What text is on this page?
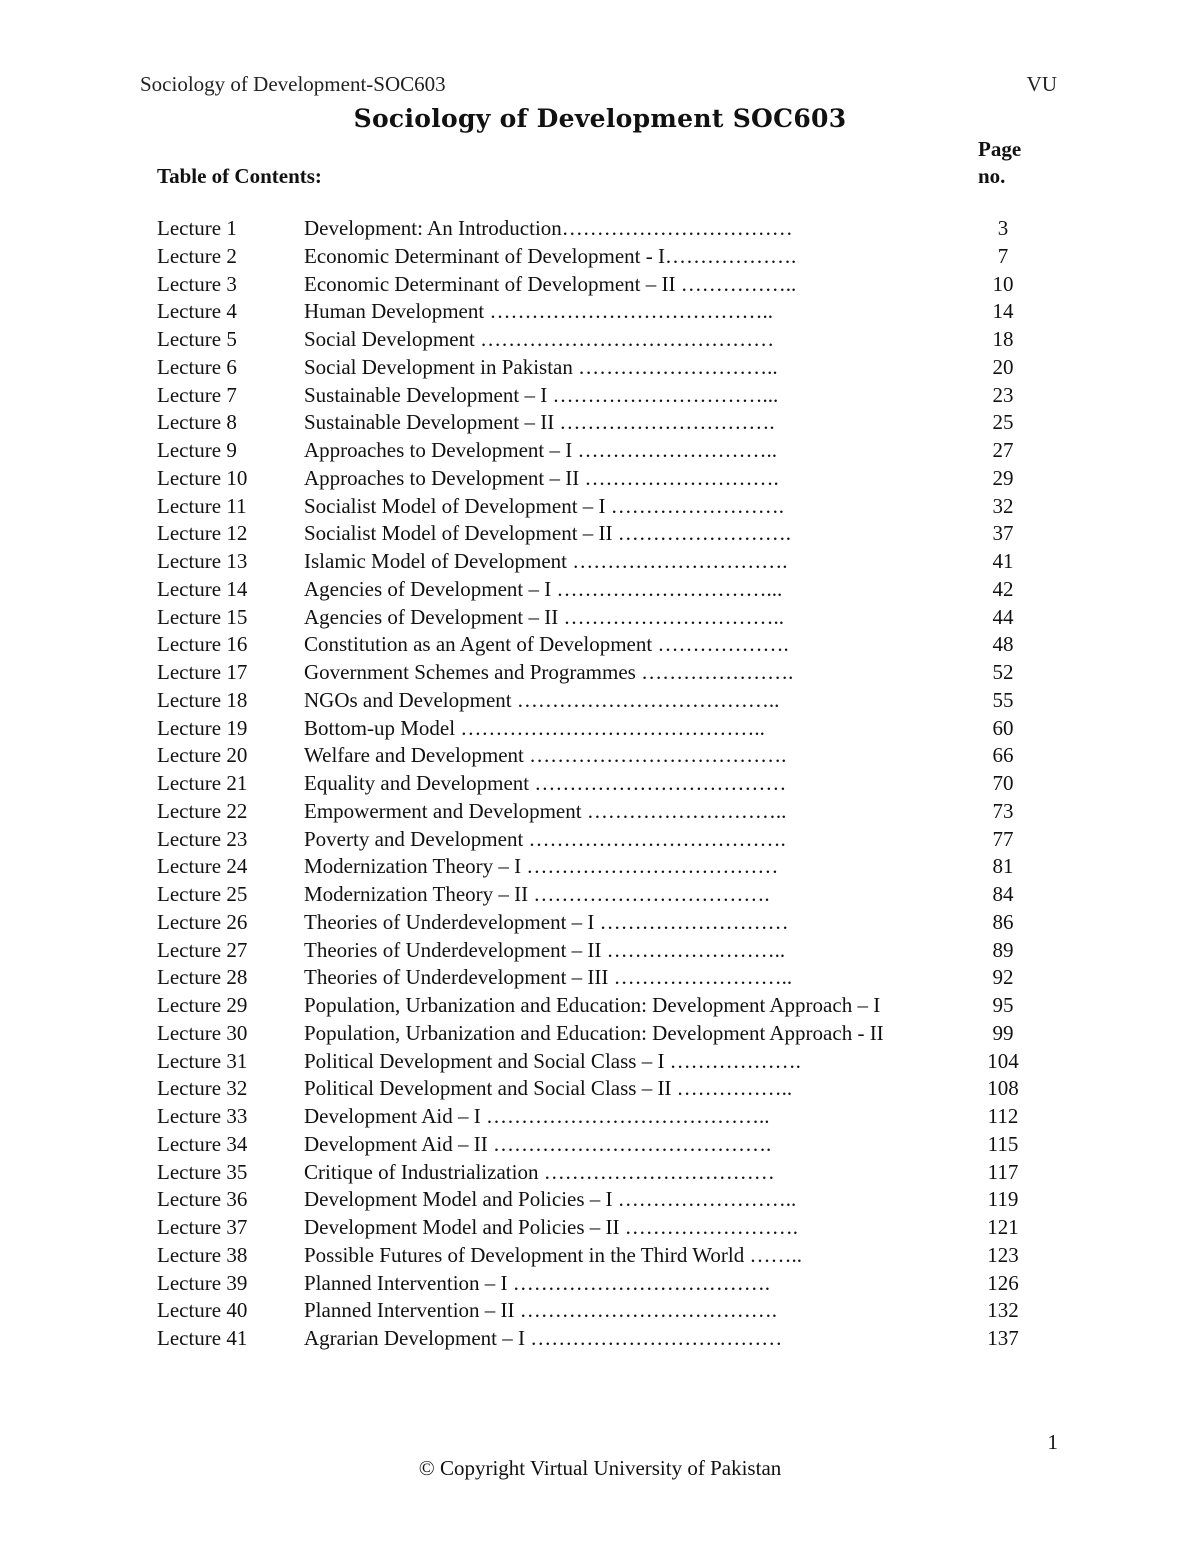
Sociology of Development-SOC603	VU
Sociology of Development SOC603
Table of Contents:
Page
no.
Lecture 1	Development: An Introduction……………………………	3
Lecture 2	Economic Determinant of Development - I……………….	7
Lecture 3	Economic Determinant of Development – II ……………..	10
Lecture 4	Human Development …………………………………..	14
Lecture 5	Social Development ……………………………………	18
Lecture 6	Social Development in Pakistan ………………………..	20
Lecture 7	Sustainable Development – I …………………………...	23
Lecture 8	Sustainable Development – II ………………………….	25
Lecture 9	Approaches to Development – I ………………………..	27
Lecture 10	Approaches to Development – II ……………………….	29
Lecture 11	Socialist Model of Development – I …………………….	32
Lecture 12	Socialist Model of Development – II …………………….	37
Lecture 13	Islamic Model of Development ………………………….	41
Lecture 14	Agencies of Development – I …………………………...	42
Lecture 15	Agencies of Development – II …………………………..	44
Lecture 16	Constitution as an Agent of Development ……………….	48
Lecture 17	Government Schemes and Programmes ………………….	52
Lecture 18	NGOs and Development ………………………………..	55
Lecture 19	Bottom-up Model ……………………………………..	60
Lecture 20	Welfare and Development ……………………………….	66
Lecture 21	Equality and Development ………………………………	70
Lecture 22	Empowerment and Development ………………………..	73
Lecture 23	Poverty and Development ……………………………….	77
Lecture 24	Modernization Theory – I ………………………………	81
Lecture 25	Modernization Theory – II …………………………….	84
Lecture 26	Theories of Underdevelopment – I ………………………	86
Lecture 27	Theories of Underdevelopment – II ……………………..	89
Lecture 28	Theories of Underdevelopment – III ……………………..	92
Lecture 29	Population, Urbanization and Education: Development Approach – I	95
Lecture 30	Population, Urbanization and Education: Development Approach - II	99
Lecture 31	Political Development and Social Class – I ……………….	104
Lecture 32	Political Development and Social Class – II ……………..	108
Lecture 33	Development Aid – I …………………………………..	112
Lecture 34	Development Aid – II ………………………………….	115
Lecture 35	Critique of Industrialization ……………………………	117
Lecture 36	Development Model and Policies – I ……………………..	119
Lecture 37	Development Model and Policies – II …………………….	121
Lecture 38	Possible Futures of Development in the Third World ……..	123
Lecture 39	Planned Intervention – I ……………………………….	126
Lecture 40	Planned Intervention – II ……………………………….	132
Lecture 41	Agrarian Development – I ………………………………	137
1
© Copyright Virtual University of Pakistan
